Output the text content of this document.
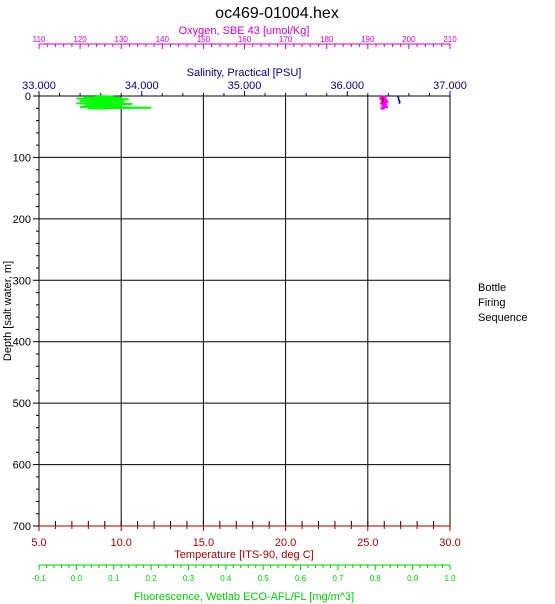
oc469-01004.hex
110	120	130	140	150	160	170	180	190	200	210
Oxygen, SBE 43 [umol/Kg]
33.000	34.000	35.000	36.000	37.000
Salinity, Practical [PSU]
0
100
200
300
400
500
600
700
Depth [salt water, m]
5.0	10.0	15.0	20.0	25.0	30.0
Temperature [ITS-90, deg C]
-0.1	0.0	0.1	0.2	0.3	0.4	0.5	0.6	0.7	0.8	0.9	1.0
Fluorescence, Wetlab ECO-AFL/FL [mg/m^3]
Bottle
Firing
Sequence
